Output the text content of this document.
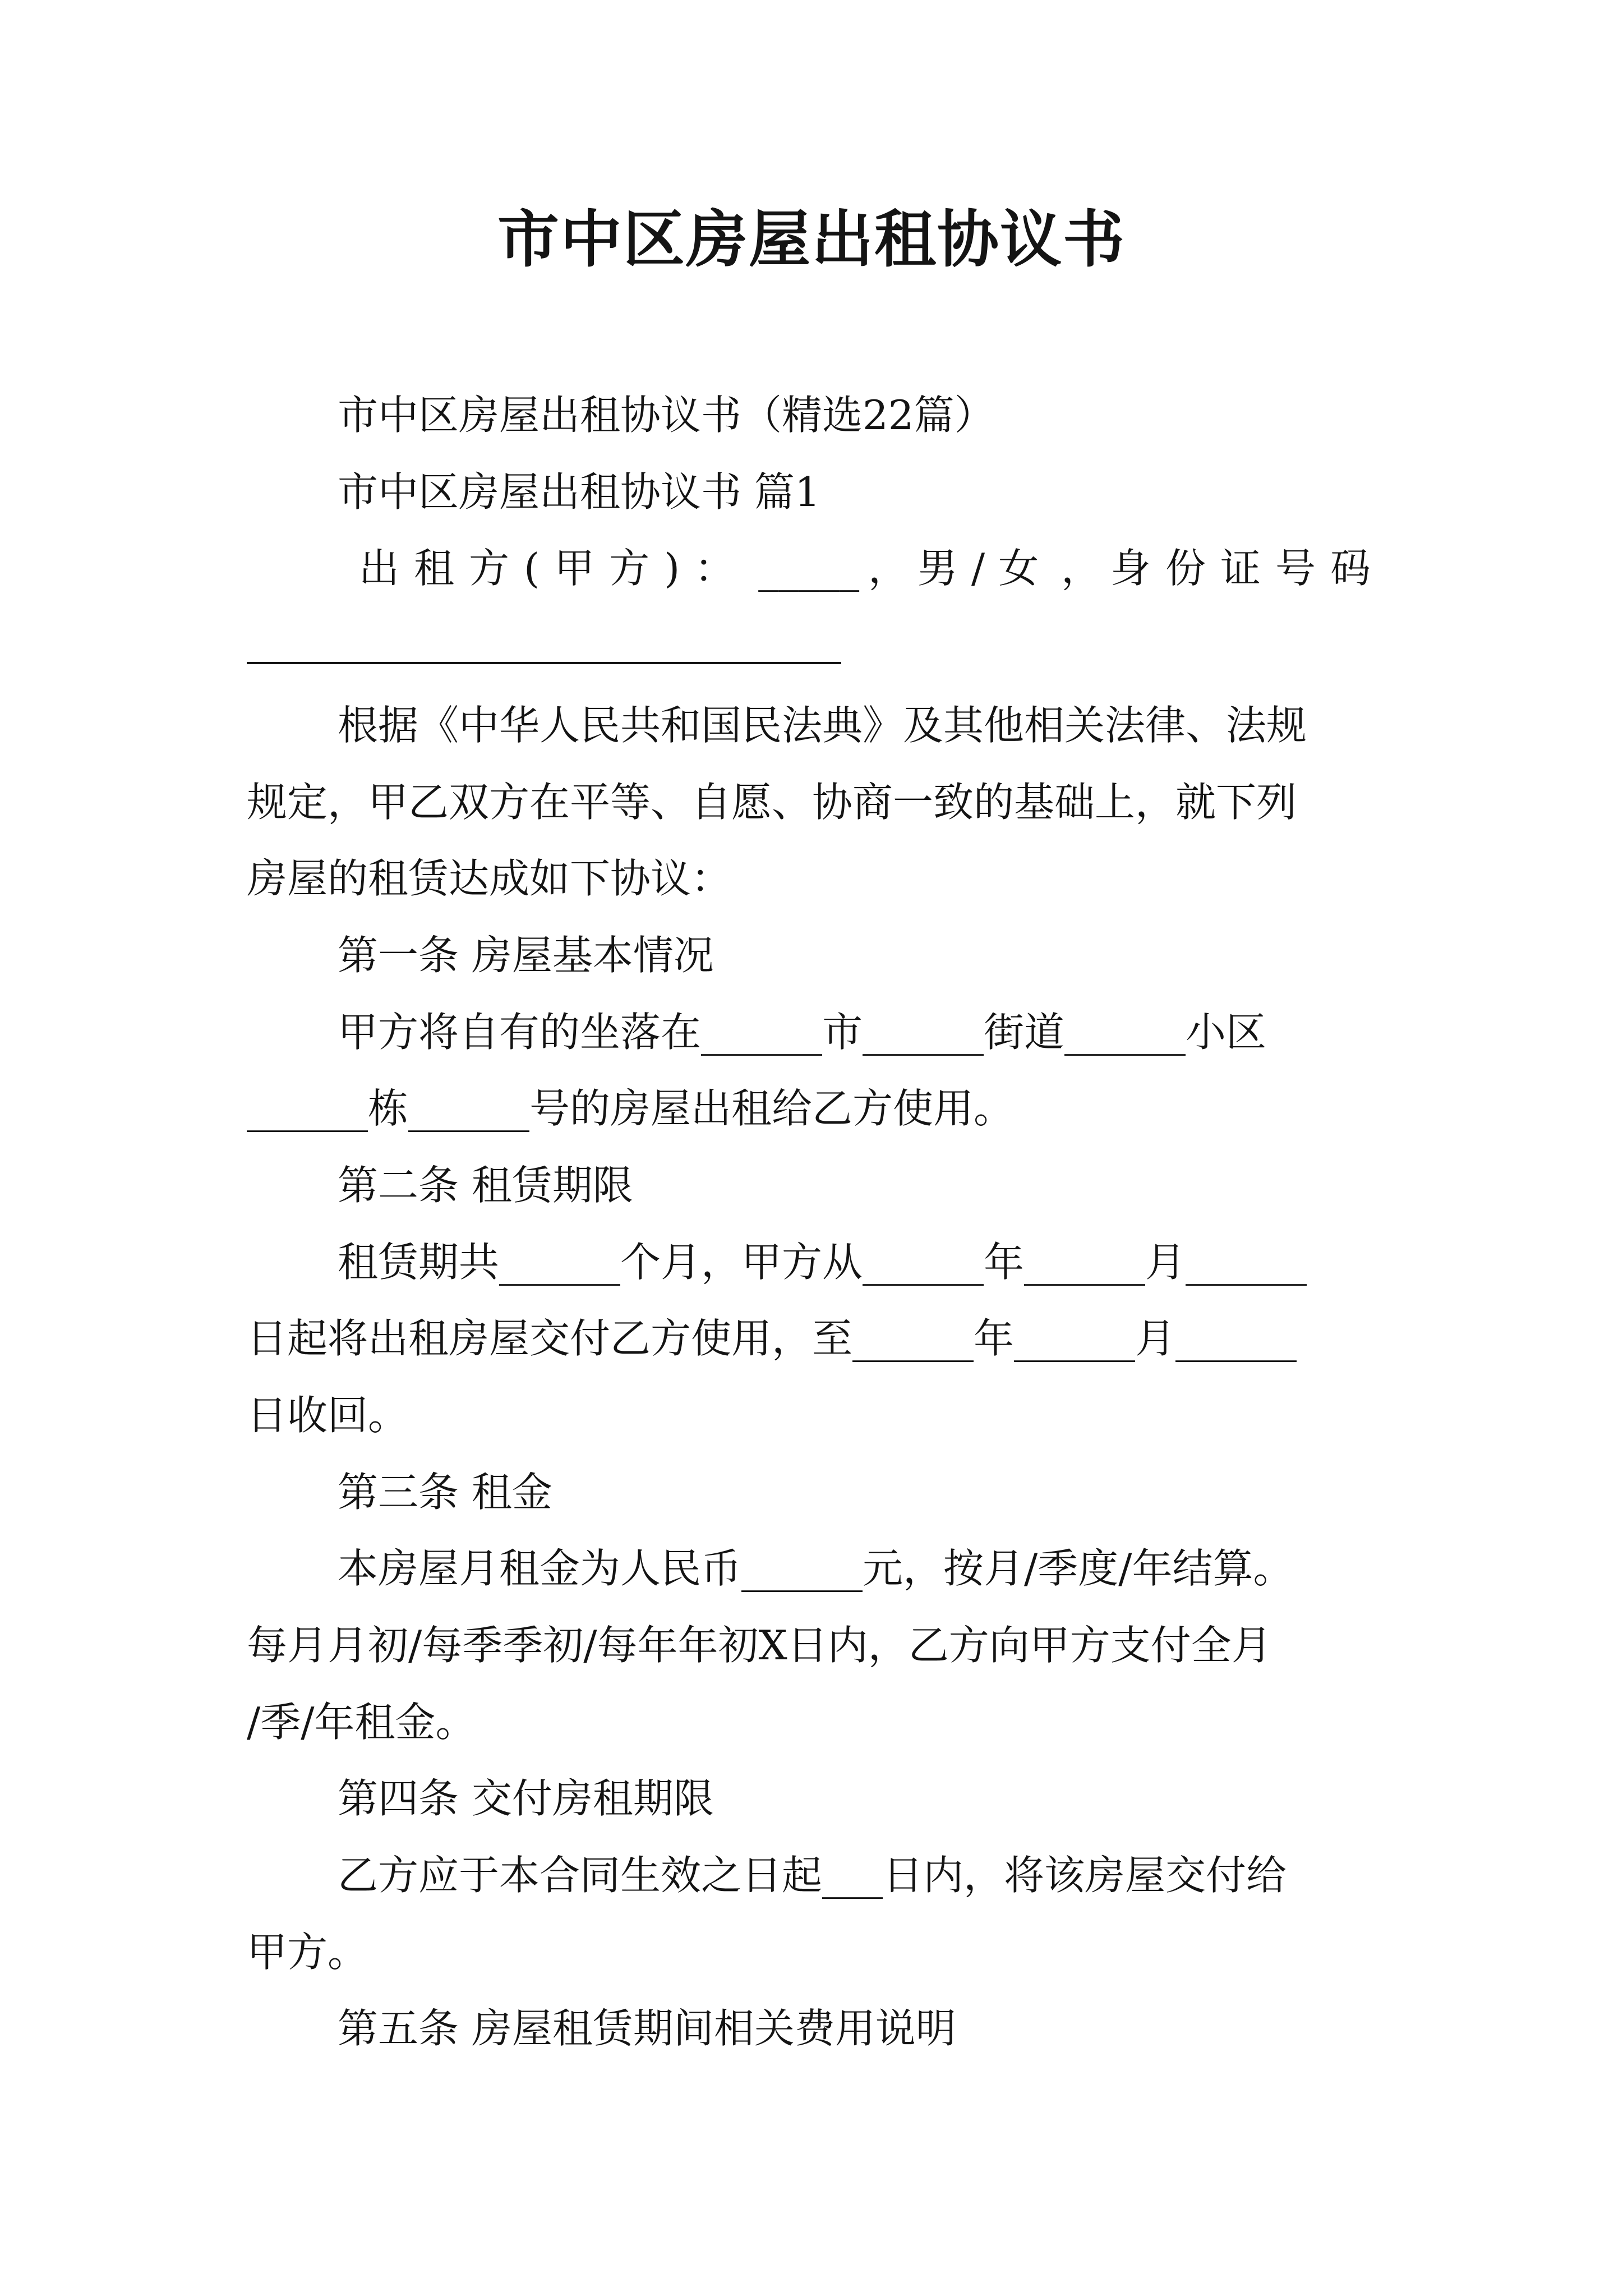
市中区房屋出租协议书
市中区房屋出租协议书（精选22篇）
市中区房屋出租协议书 篇1
出租方(甲方)： _____ ， 男/女 ， 身份证号码
根据《中华人民共和国民法典》及其他相关法律、法规
规定，甲乙双方在平等、自愿、协商一致的基础上，就下列
房屋的租赁达成如下协议：
第一条 房屋基本情况
甲方将自有的坐落在______市______街道______小区
______栋______号的房屋出租给乙方使用。
第二条 租赁期限
租赁期共______个月，甲方从______年______月______
日起将出租房屋交付乙方使用，至______年______月______
日收回。
第三条 租金
本房屋月租金为人民币______元，按月/季度/年结算。
每月月初/每季季初/每年年初X日内，乙方向甲方支付全月
/季/年租金。
第四条 交付房租期限
乙方应于本合同生效之日起___日内，将该房屋交付给
甲方。
第五条 房屋租赁期间相关费用说明
